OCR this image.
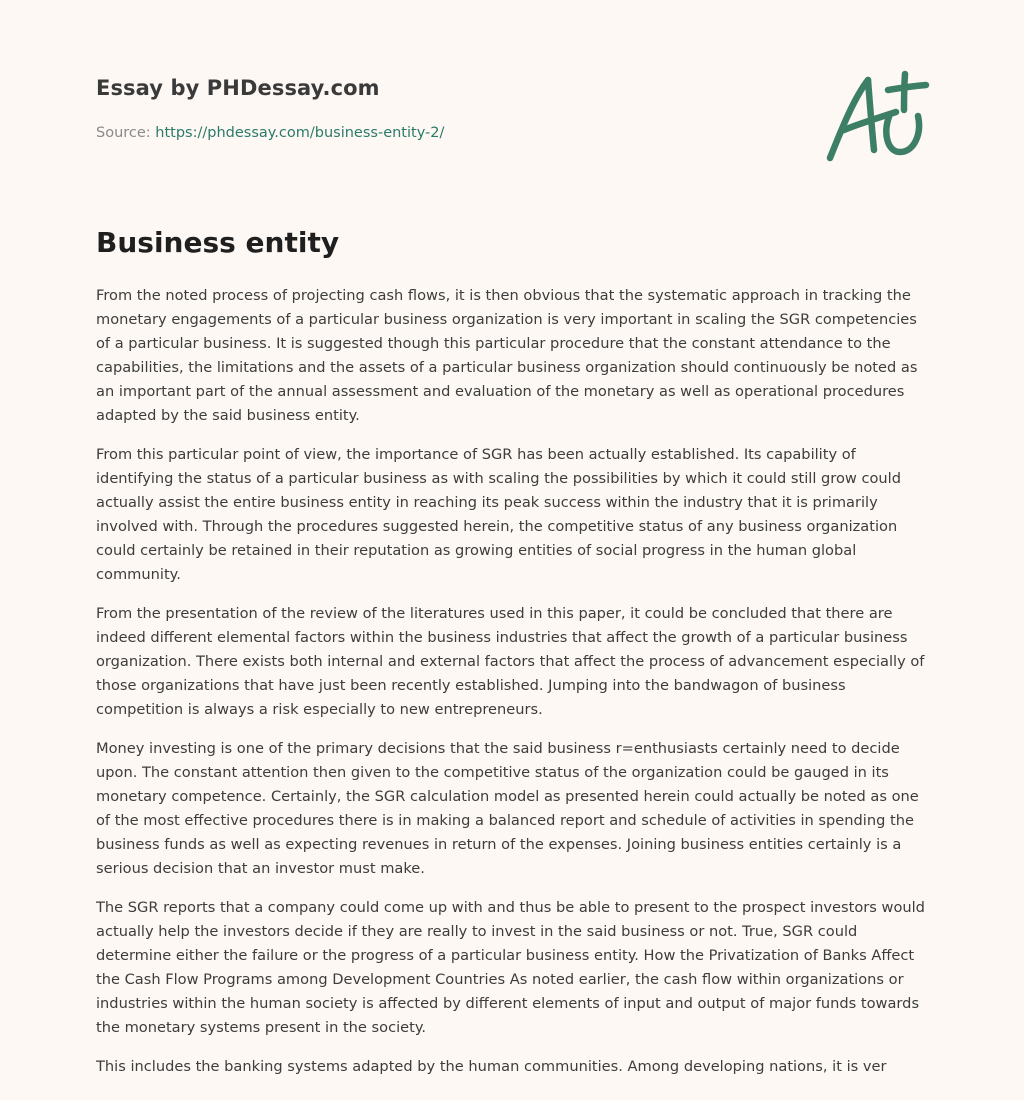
Essay by PHDessay.com
Source: https://phdessay.com/business-entity-2/
Business entity

From the noted process of projecting cash flows, it is then obvious that the systematic approach in tracking the monetary engagements of a particular business organization is very important in scaling the SGR competencies of a particular business. It is suggested though this particular procedure that the constant attendance to the capabilities, the limitations and the assets of a particular business organization should continuously be noted as an important part of the annual assessment and evaluation of the monetary as well as operational procedures adapted by the said business entity.

From this particular point of view, the importance of SGR has been actually established. Its capability of identifying the status of a particular business as with scaling the possibilities by which it could still grow could actually assist the entire business entity in reaching its peak success within the industry that it is primarily involved with. Through the procedures suggested herein, the competitive status of any business organization could certainly be retained in their reputation as growing entities of social progress in the human global community.

From the presentation of the review of the literatures used in this paper, it could be concluded that there are indeed different elemental factors within the business industries that affect the growth of a particular business organization. There exists both internal and external factors that affect the process of advancement especially of those organizations that have just been recently established. Jumping into the bandwagon of business competition is always a risk especially to new entrepreneurs.

Money investing is one of the primary decisions that the said business r=enthusiasts certainly need to decide upon. The constant attention then given to the competitive status of the organization could be gauged in its monetary competence. Certainly, the SGR calculation model as presented herein could actually be noted as one of the most effective procedures there is in making a balanced report and schedule of activities in spending the business funds as well as expecting revenues in return of the expenses. Joining business entities certainly is a serious decision that an investor must make.

The SGR reports that a company could come up with and thus be able to present to the prospect investors would actually help the investors decide if they are really to invest in the said business or not. True, SGR could determine either the failure or the progress of a particular business entity. How the Privatization of Banks Affect the Cash Flow Programs among Development Countries As noted earlier, the cash flow within organizations or industries within the human society is affected by different elements of input and output of major funds towards the monetary systems present in the society.

This includes the banking systems adapted by the human communities. Among developing nations, it is ver
